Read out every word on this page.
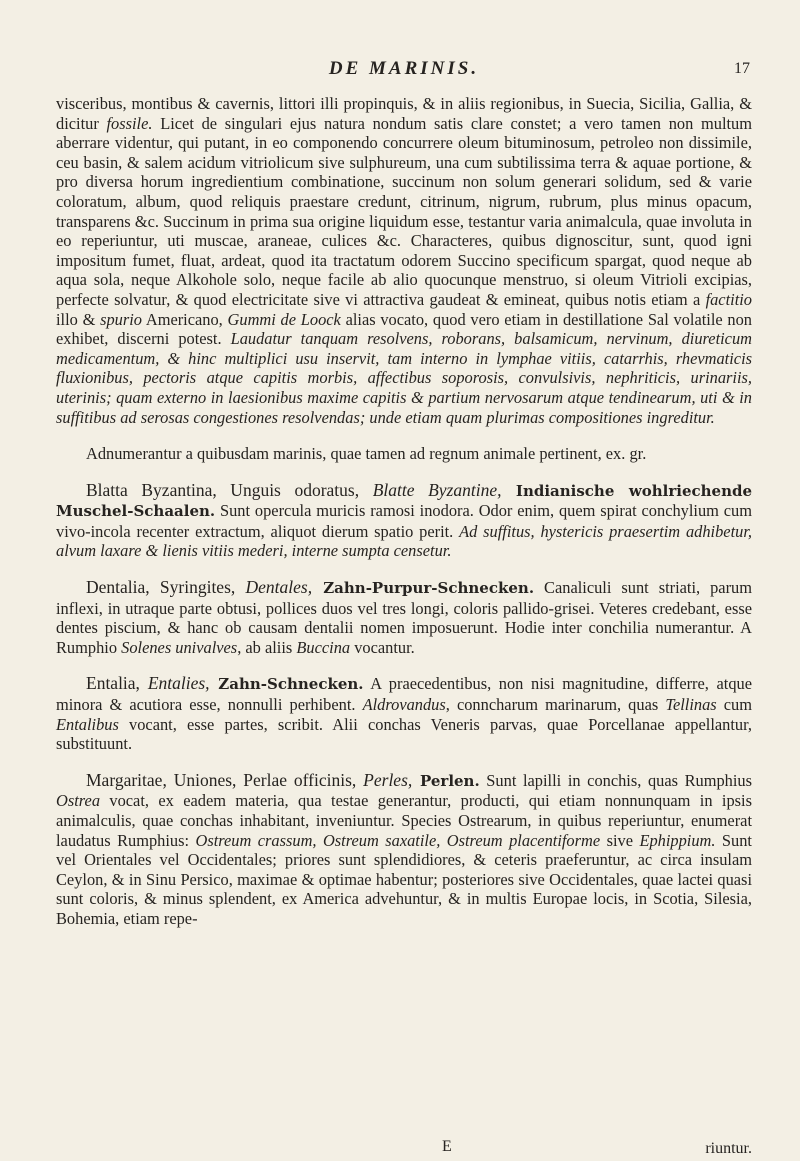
DE MARINIS.	17

visceribus, montibus & cavernis, littori illi propinquis, & in aliis regionibus, in Suecia, Sicilia, Gallia, & dicitur fossile. Licet de singulari ejus natura nondum satis clare constet; a vero tamen non multum aberrare videntur, qui putant, in eo componendo concurrere oleum bituminosum, petroleo non dissimile, ceu basin, & salem acidum vitriolicum sive sulphureum, una cum subtilissima terra & aquae portione, & pro diversa horum ingredientium combinatione, succinum non solum generari solidum, sed & varie coloratum, album, quod reliquis praestare credunt, citrinum, nigrum, rubrum, plus minus opacum, transparens &c. Succinum in prima sua origine liquidum esse, testantur varia animalcula, quae involuta in eo reperiuntur, uti muscae, araneae, culices &c. Characteres, quibus dignoscitur, sunt, quod igni impositum fumet, fluat, ardeat, quod ita tractatum odorem Succino specificum spargat, quod neque ab aqua sola, neque Alkohole solo, neque facile ab alio quocunque menstruo, si oleum Vitrioli excipias, perfecte solvatur, & quod electricitate sive vi attractiva gaudeat & emineat, quibus notis etiam a factitio illo & spurio Americano, Gummi de Loock alias vocato, quod vero etiam in destillatione Sal volatile non exhibet, discerni potest. Laudatur tanquam resolvens, roborans, balsamicum, nervinum, diureticum medicamentum, & hinc multiplici usu inservit, tam interno in lymphae vitiis, catarrhis, rhevmaticis fluxionibus, pectoris atque capitis morbis, affectibus soporosis, convulsivis, nephriticis, urinariis, uterinis; quam externo in laesionibus maxime capitis & partium nervosarum atque tendinearum, uti & in suffitibus ad serosas congestiones resolvendas; unde etiam quam plurimas compositiones ingreditur.

Adnumerantur a quibusdam marinis, quae tamen ad regnum animale pertinent, ex. gr.

Blatta Byzantina, Unguis odoratus, Blatte Byzantine, Indianische wohlriechende Muschel-Schaalen. Sunt opercula muricis ramosi inodora. Odor enim, quem spirat conchylium cum vivo-incola recenter extractum, aliquot dierum spatio perit. Ad suffitus, hystericis praesertim adhibetur, alvum laxare & lienis vitiis mederi, interne sumpta censetur.

Dentalia, Syringites, Dentales, Zahn-Purpur-Schnecken. Canaliculi sunt striati, parum inflexi, in utraque parte obtusi, pollices duos vel tres longi, coloris pallido-grisei. Veteres credebant, esse dentes piscium, & hanc ob causam dentalii nomen imposuerunt. Hodie inter conchilia numerantur. A Rumphio Solenes univalves, ab aliis Buccina vocantur.

Entalia, Entalies, Zahn-Schnecken. A praecedentibus, non nisi magnitudine, differre, atque minora & acutiora esse, nonnulli perhibent. Aldrovandus, conncharum marinarum, quas Tellinas cum Entalibus vocant, esse partes, scribit. Alii conchas Veneris parvas, quae Porcellanae appellantur, substituunt.

Margaritae, Uniones, Perlae officinis, Perles, Perlen. Sunt lapilli in conchis, quas Rumphius Ostrea vocat, ex eadem materia, qua testae generantur, producti, qui etiam nonnunquam in ipsis animalculis, quae conchas inhabitant, inveniuntur. Species Ostrearum, in quibus reperiuntur, enumerat laudatus Rumphius: Ostreum crassum, Ostreum saxatile, Ostreum placentiforme sive Ephippium. Sunt vel Orientales vel Occidentales; priores sunt splendidiores, & ceteris praeferuntur, ac circa insulam Ceylon, & in Sinu Persico, maximae & optimae habentur; posteriores sive Occidentales, quae lactei quasi sunt coloris, & minus splendent, ex America advehuntur, & in multis Europae locis, in Scotia, Silesia, Bohemia, etiam repe-

E	riuntur.
